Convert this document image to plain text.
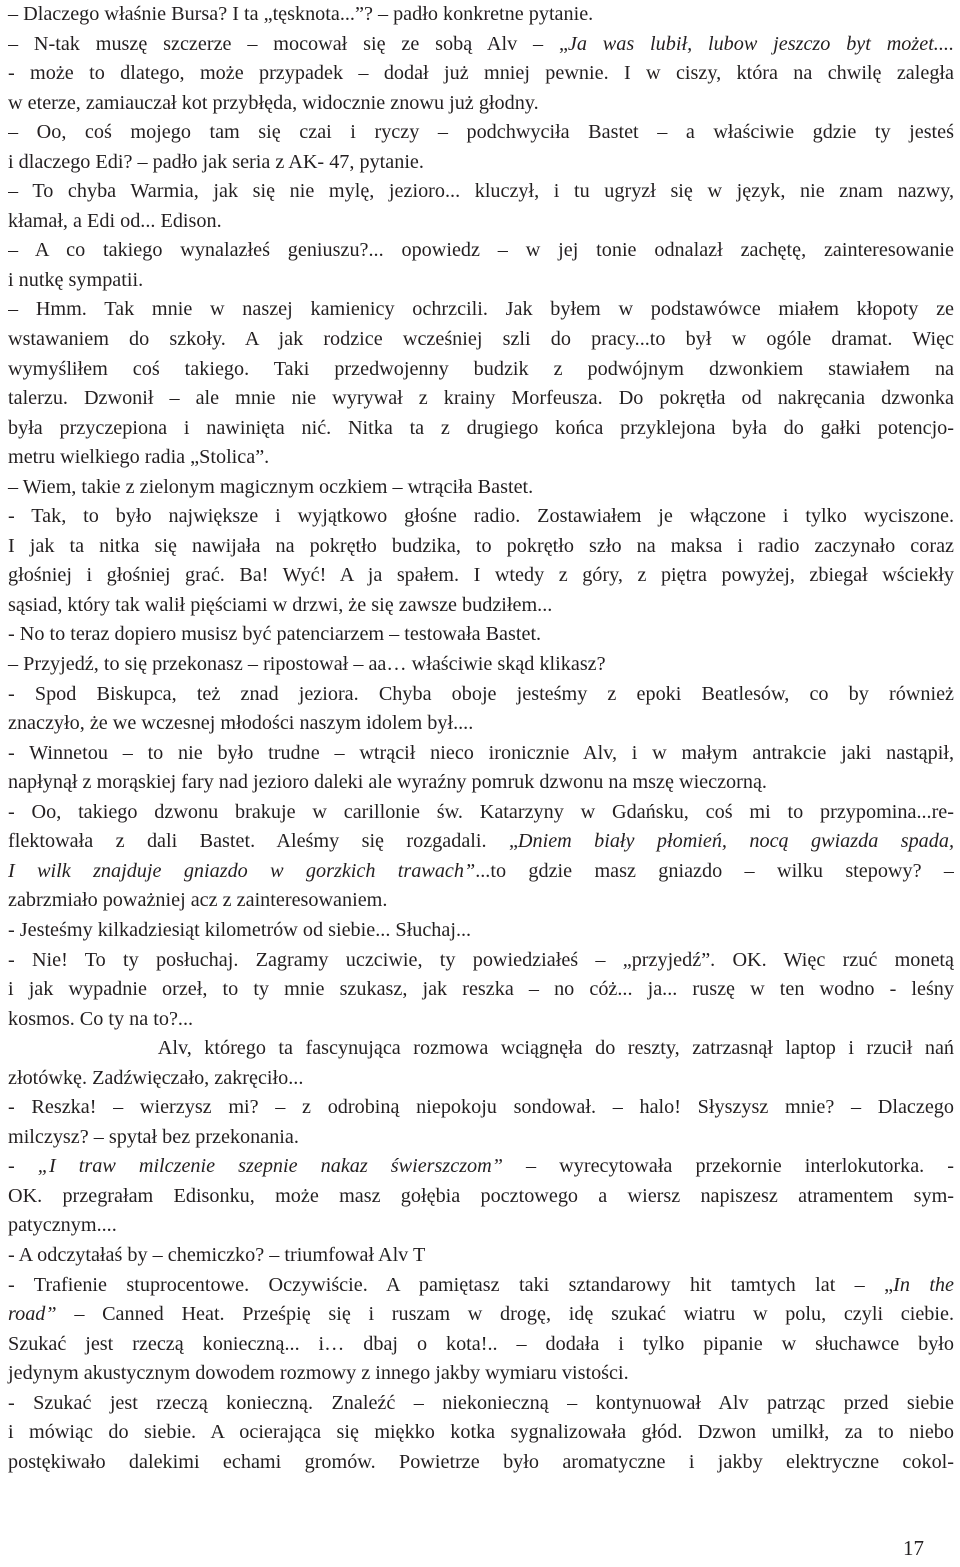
– Dlaczego właśnie Bursa? I ta „tęsknota...”? – padło konkretne pytanie.
– N-tak muszę szczerze – mocował się ze sobą Alv – „Ja was lubił, lubow jeszczo byt możet....
- może to dlatego, może przypadek – dodał już mniej pewnie. I w ciszy, która na chwilę zaległa
w eterze, zamiauczał kot przybłęda, widocznie znowu już głodny.
– Oo, coś mojego tam się czai i ryczy – podchwyciła Bastet – a właściwie gdzie ty jesteś
i dlaczego Edi? – padło jak seria z AK- 47, pytanie.
– To chyba Warmia, jak się nie mylę, jezioro... kluczył, i tu ugryzł się w język, nie znam nazwy,
kłamał, a Edi od... Edison.
– A co takiego wynalazłeś geniuszu?... opowiedz – w jej tonie odnalazł zachętę, zainteresowanie
i nutkę sympatii.
– Hmm. Tak mnie w naszej kamienicy ochrzcili. Jak byłem w podstawówce miałem kłopoty ze
wstawaniem do szkoły. A jak rodzice wcześniej szli do pracy...to był w ogóle dramat. Więc
wymyśliłem coś takiego. Taki przedwojenny budzik z podwójnym dzwonkiem stawiałem na
talerzu. Dzwonił – ale mnie nie wyrywał z krainy Morfeusza. Do pokrętła od nakręcania dzwonka
była przyczepiona i nawinięta nić. Nitka ta z drugiego końca przyklejona była do gałki potencjo-
metru wielkiego radia „Stolica”.
– Wiem, takie z zielonym magicznym oczkiem – wtrąciła Bastet.
- Tak, to było największe i wyjątkowo głośne radio. Zostawiałem je włączone i tylko wyciszone.
I jak ta nitka się nawijała na pokrętło budzika, to pokrętło szło na maksa i radio zaczynało coraz
głośniej i głośniej grać. Ba! Wyć! A ja spałem. I wtedy z góry, z piętra powyżej, zbiegał wściekły
sąsiad, który tak walił pięściami w drzwi, że się zawsze budziłem...
- No to teraz dopiero musisz być patenciarzem – testowała Bastet.
– Przyjedź, to się przekonasz – ripostował – aa… właściwie skąd klikasz?
- Spod Biskupca, też znad jeziora. Chyba oboje jesteśmy z epoki Beatlesów, co by również
znaczyło, że we wczesnej młodości naszym idolem był....
- Winnetou – to nie było trudne – wtrącił nieco ironicznie Alv, i w małym antrakcie jaki nastąpił,
napłynął z morąskiej fary nad jezioro daleki ale wyraźny pomruk dzwonu na mszę wieczorną.
- Oo, takiego dzwonu brakuje w carillonie św. Katarzyny w Gdańsku, coś mi to przypomina...re-
flektowała z dali Bastet. Aleśmy się rozgadali. „Dniem biały płomień, nocą gwiazda spada,
I wilk znajduje gniazdo w gorzkich trawach”...to gdzie masz gniazdo – wilku stepowy? –
zabrzmiało poważniej acz z zainteresowaniem.
- Jesteśmy kilkadziesiąt kilometrów od siebie... Słuchaj...
- Nie! To ty posłuchaj. Zagramy uczciwie, ty powiedziałeś – „przyjedź”. OK. Więc rzuć monetą
i jak wypadnie orzeł, to ty mnie szukasz, jak reszka – no cóż... ja... ruszę w ten wodno - leśny
kosmos. Co ty na to?...
Alv, którego ta fascynująca rozmowa wciągnęła do reszty, zatrzasnął laptop i rzucił nań
złotówkę. Zadźwięczało, zakręciło...
- Reszka! – wierzysz mi? – z odrobiną niepokoju sondował. – halo! Słyszysz mnie? – Dlaczego
milczysz? – spytał bez przekonania.
- „I traw milczenie szepnie nakaz świerszczom” – wyrecytowała przekornie interlokutorka. -
OK. przegrałam Edisonku, może masz gołębia pocztowego a wiersz napiszesz atramentem sym-
patycznym....
- A odczytałaś by – chemiczko? – triumfował Alv T
- Trafienie stuprocentowe. Oczywiście. A pamiętasz taki sztandarowy hit tamtych lat – „In the
road” – Canned Heat. Prześpię się i ruszam w drogę, idę szukać wiatru w polu, czyli ciebie.
Szukać jest rzeczą konieczną... i… dbaj o kota!.. – dodała i tylko pipanie w słuchawce było
jedynym akustycznym dowodem rozmowy z innego jakby wymiaru vistości.
- Szukać jest rzeczą konieczną. Znaleźć – niekonieczną – kontynuował Alv patrząc przed siebie
i mówiąc do siebie. A ocierająca się miękko kotka sygnalizowała głód. Dzwon umilkł, za to niebo
postękiwało dalekimi echami gromów. Powietrze było aromatyczne i jakby elektryczne cokol-
17
